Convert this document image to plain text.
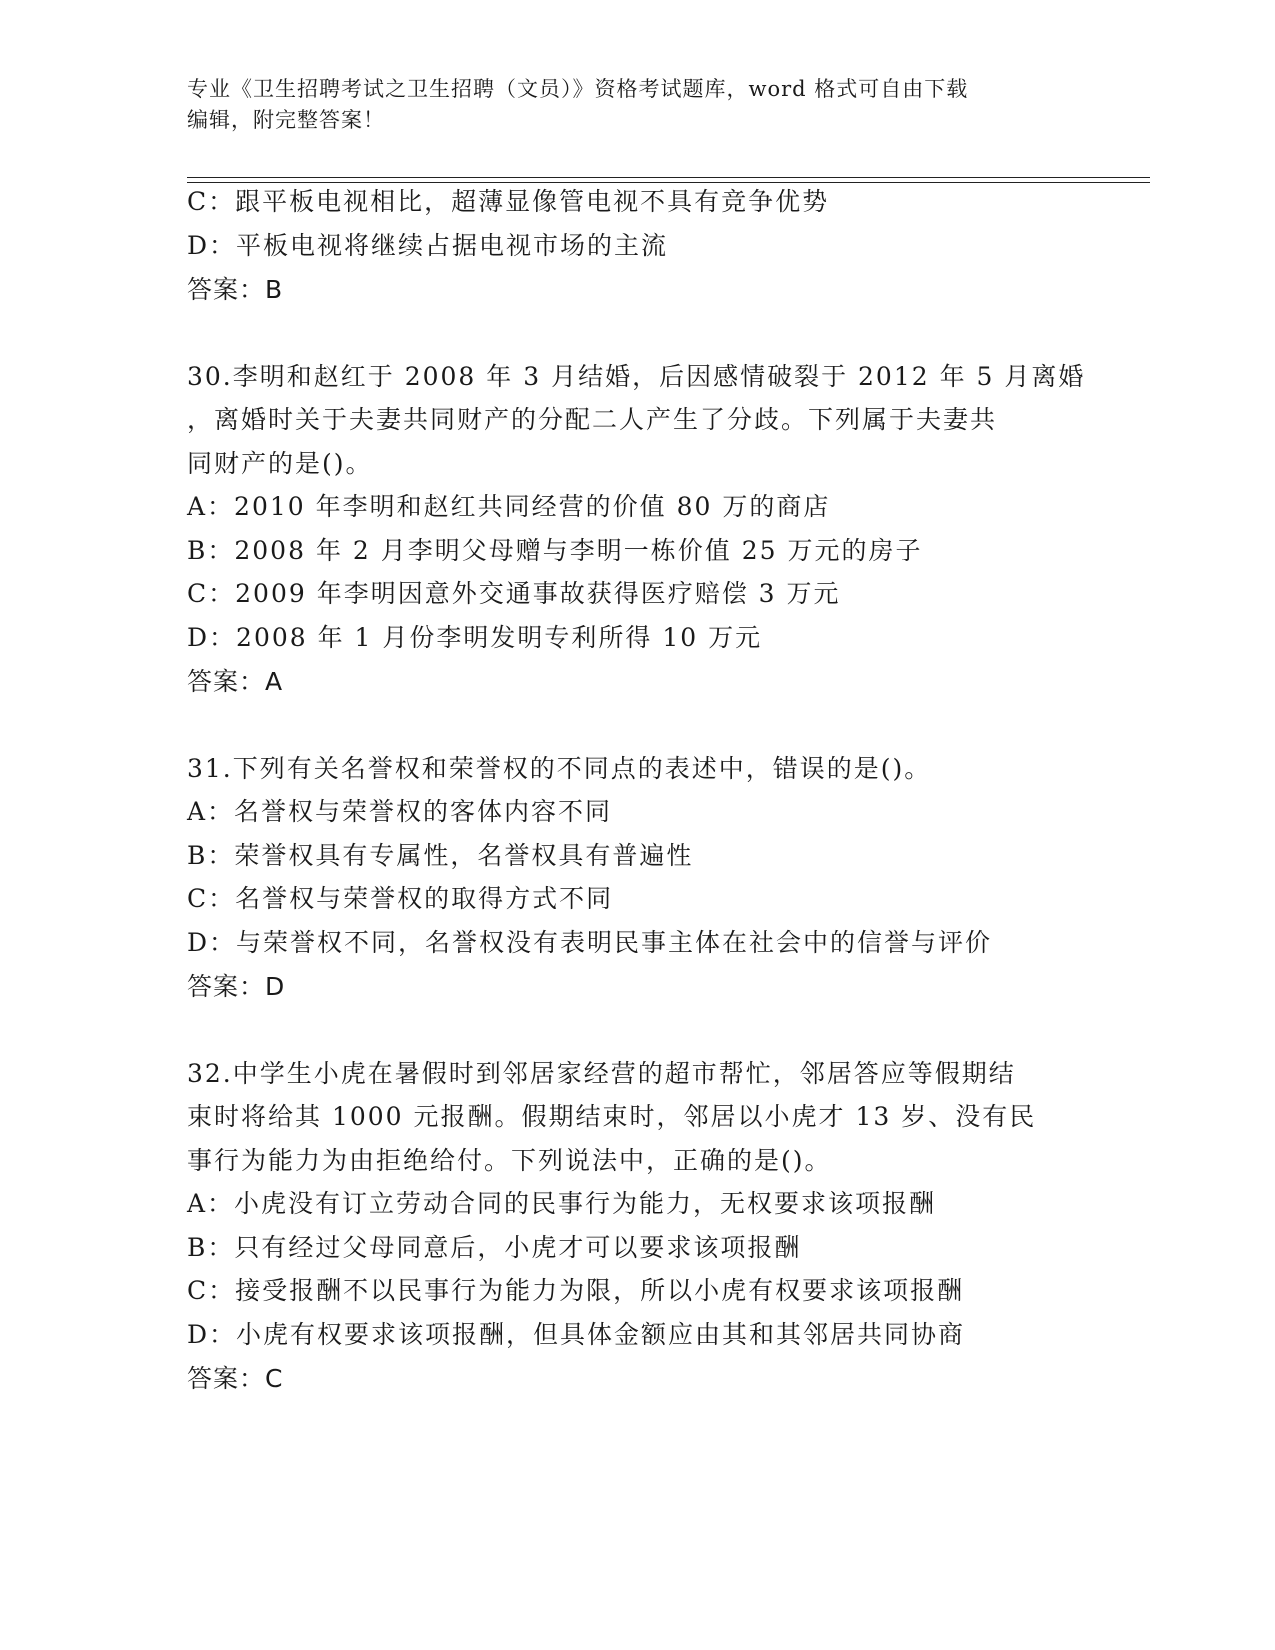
专业《卫生招聘考试之卫生招聘（文员）》资格考试题库，word 格式可自由下载
编辑，附完整答案！
C：跟平板电视相比，超薄显像管电视不具有竞争优势
D：平板电视将继续占据电视市场的主流
答案：B
30.李明和赵红于 2008 年 3 月结婚，后因感情破裂于 2012 年 5 月离婚
，离婚时关于夫妻共同财产的分配二人产生了分歧。下列属于夫妻共
同财产的是()。
A：2010 年李明和赵红共同经营的价值 80 万的商店
B：2008 年 2 月李明父母赠与李明一栋价值 25 万元的房子
C：2009 年李明因意外交通事故获得医疗赔偿 3 万元
D：2008 年 1 月份李明发明专利所得 10 万元
答案：A
31.下列有关名誉权和荣誉权的不同点的表述中，错误的是()。
A：名誉权与荣誉权的客体内容不同
B：荣誉权具有专属性，名誉权具有普遍性
C：名誉权与荣誉权的取得方式不同
D：与荣誉权不同，名誉权没有表明民事主体在社会中的信誉与评价
答案：D
32.中学生小虎在暑假时到邻居家经营的超市帮忙，邻居答应等假期结
束时将给其 1000 元报酬。假期结束时，邻居以小虎才 13 岁、没有民
事行为能力为由拒绝给付。下列说法中，正确的是()。
A：小虎没有订立劳动合同的民事行为能力，无权要求该项报酬
B：只有经过父母同意后，小虎才可以要求该项报酬
C：接受报酬不以民事行为能力为限，所以小虎有权要求该项报酬
D：小虎有权要求该项报酬，但具体金额应由其和其邻居共同协商
答案：C
